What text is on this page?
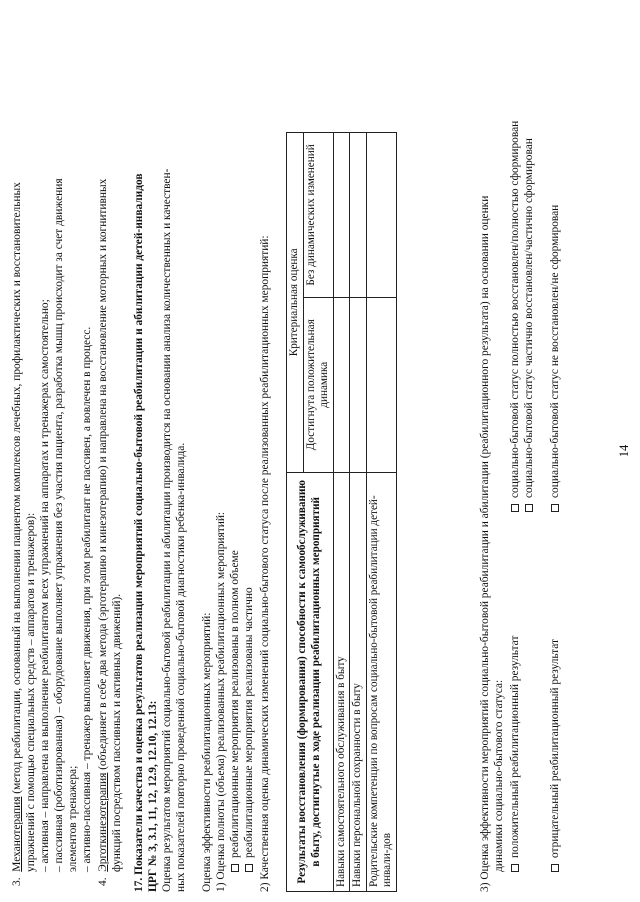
14
3.  Механотерапия (метод реабилитации, основанный на выполнении пациентом комплексов лечебных, профилактических и восстановительных упражнений с помощью специальных средств – аппаратов и тренажеров): – активная – направлена на выполнение реабилитантом всех упражнений на аппаратах и тренажерах самостоятельно; – пассивная (роботизированная) – оборудование выполняет упражнения без участия пациента, разработка мышц происходит за счет движения элементов тренажера; – активно-пассивная – тренажер выполняет движения, при этом реабилитант не пассивен, а вовлечен в процесс.
4.  Эрготкинезотерапия (объединяет в себе два метода (эрготерапию и кинезотерапию) и направлена на восстановление моторных и когнитивных функций посредством пассивных и активных движений). 17. Показатели качества и оценка результатов реализации мероприятий социально-бытовой реабилитации и абилитации детей-инвалидов ЦРГ № 3, 3.1, 11, 12, 12.9, 12.10, 12.13: Оценка результатов мероприятий социально-бытовой реабилитации и абилитации производится на основании анализа количественных и качествен- ных показателей повторно проведенной социально-бытовой диагностики ребенка-инвалида. Оценка эффективности реабилитационных мероприятий: 1) Оценка полноты (объема) реализованных реабилитационных мероприятий: реабилитационные мероприятия реализованы в полном объеме реабилитационные мероприятия реализованы частично 2) Качественная оценка динамических изменений социально-бытового статуса после реализованных реабилитационных мероприятий: Результаты восстановления (формирования) способности к самообслуживанию в быту, достигнутые в ходе реализации реабилитационных мероприятий	Критериальная оценка	
	Достигнута положительная динамика	Без динамических изменений
Навыки самостоятельного обслуживания в быту		
Навыки персональной сохранности в быту		
Родительские компетенции по вопросам социально-бытовой реабилитации детей-инвали-дов			3) Оценка эффективности мероприятий социально-бытовой реабилитации и абилитации (реабилитационного результата) на основании оценки динамики социально-бытового статуса: положительный реабилитационный результат
социально-бытовой статус полностью восстановлен/полностью сформирован социально-бытовой статус частично восстановлен/частично сформирован
отрицательный реабилитационный результат
социально-бытовой статус не восстановлен/не сформирован
